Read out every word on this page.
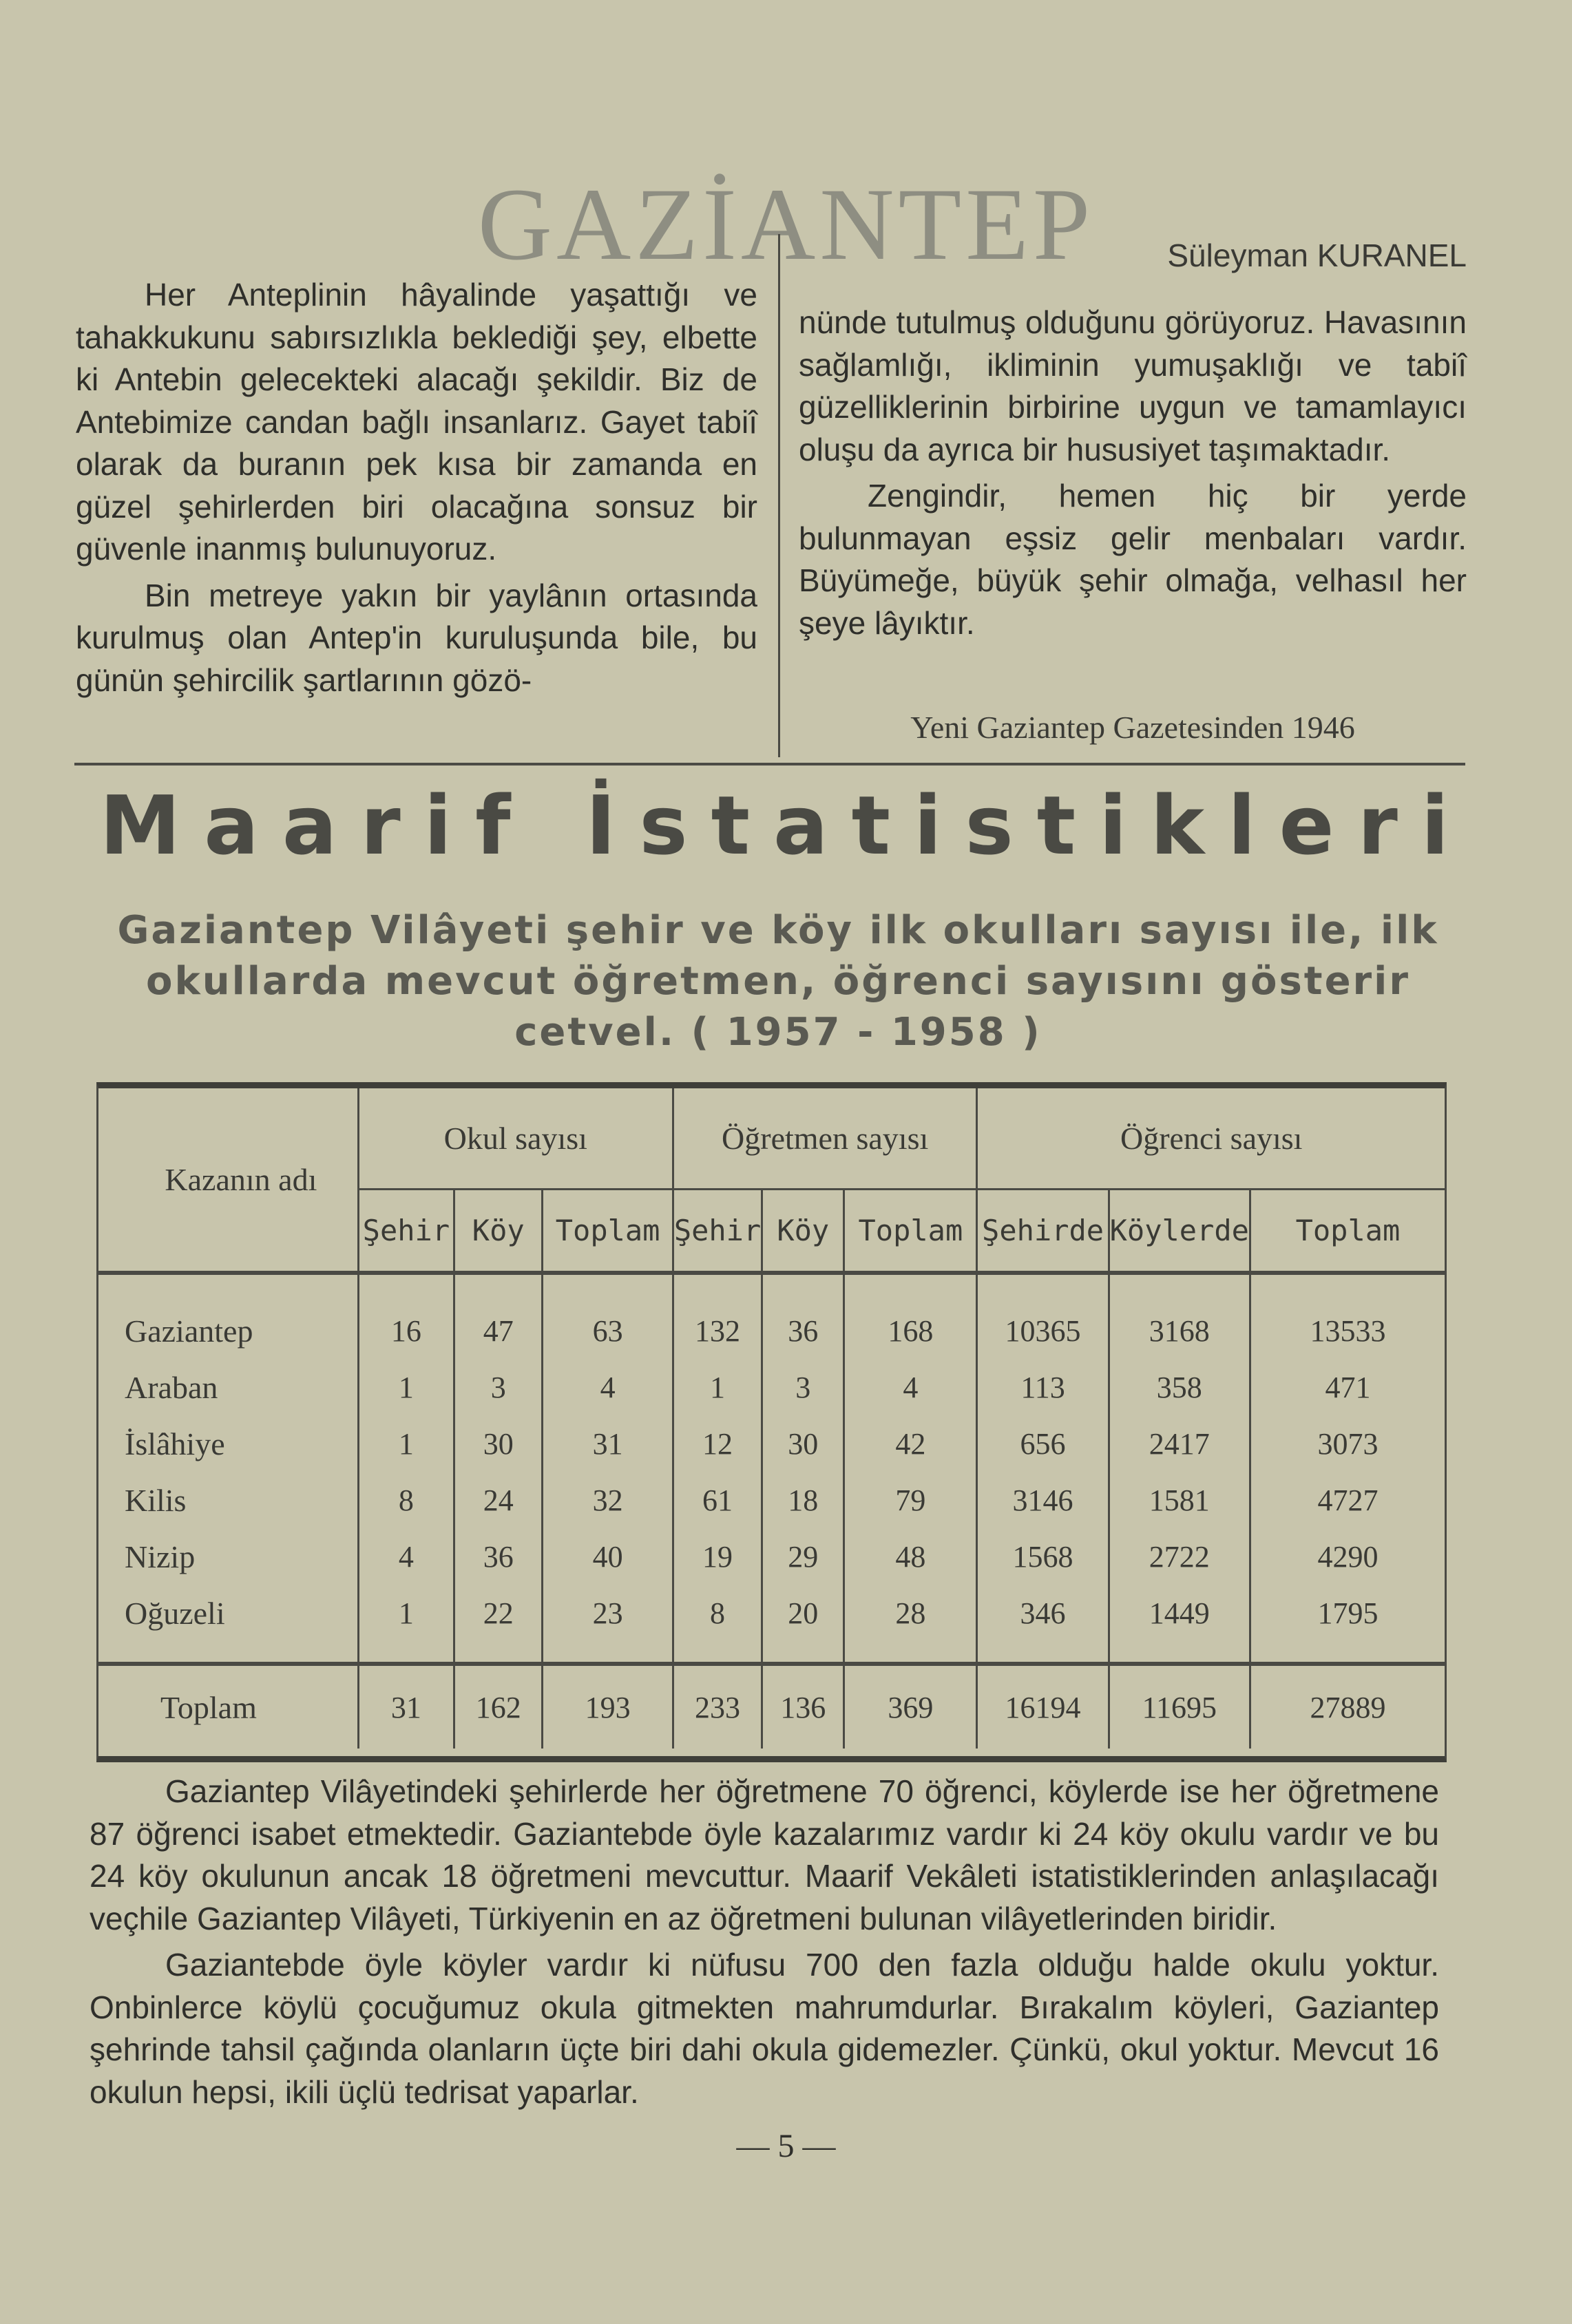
GAZİANTEP	Süleyman KURANEL

Her Anteplinin hâyalinde yaşattığı ve tahakkukunu sabırsızlıkla beklediği şey, elbette ki Antebin gelecekteki alacağı şekildir. Biz de Antebimize candan bağlı insanlarız. Gayet tabiî olarak da buranın pek kısa bir zamanda en güzel şehirlerden biri olacağına sonsuz bir güvenle inanmış bulunuyoruz.

Bin metreye yakın bir yaylânın ortasında kurulmuş olan Antep'in kuruluşunda bile, bu günün şehircilik şartlarının gözö-

nünde tutulmuş olduğunu görüyoruz. Havasının sağlamlığı, ikliminin yumuşaklığı ve tabiî güzelliklerinin birbirine uygun ve tamamlayıcı oluşu da ayrıca bir hususiyet taşımaktadır.

Zengindir, hemen hiç bir yerde bulunmayan eşsiz gelir menbaları vardır. Büyümeğe, büyük şehir olmağa, velhasıl her şeye lâyıktır.

Yeni Gaziantep Gazetesinden 1946
Maarif İstatistikleri
Gaziantep Vilâyeti şehir ve köy ilk okulları sayısı ile, ilk okullarda mevcut öğretmen, öğrenci sayısını gösterir cetvel. ( 1957 - 1958 )
Kazanın adı	Okul sayısı			Öğretmen sayısı			Öğrenci sayısı		
	Şehir	Köy	Toplam	Şehir	Köy	Toplam	Şehirde	Köylerde	Toplam

Gaziantep	16	47	63	132	36	168	10365	3168	13533
Araban	1	3	4	1	3	4	113	358	471
İslâhiye	1	30	31	12	30	42	656	2417	3073
Kilis	8	24	32	61	18	79	3146	1581	4727
Nizip	4	36	40	19	29	48	1568	2722	4290
Oğuzeli	1	22	23	8	20	28	346	1449	1795
Toplam	31	162	193	233	136	369	16194	11695	27889

Gaziantep Vilâyetindeki şehirlerde her öğretmene 70 öğrenci, köylerde ise her öğretmene 87 öğrenci isabet etmektedir. Gaziantebde öyle kazalarımız vardır ki 24 köy okulu vardır ve bu 24 köy okulunun ancak 18 öğretmeni mevcuttur. Maarif Vekâleti istatistiklerinden anlaşılacağı veçhile Gaziantep Vilâyeti, Türkiyenin en az öğretmeni bulunan vilâyetlerinden biridir.

Gaziantebde öyle köyler vardır ki nüfusu 700 den fazla olduğu halde okulu yoktur. Onbinlerce köylü çocuğumuz okula gitmekten mahrumdurlar. Bırakalım köyleri, Gaziantep şehrinde tahsil çağında olanların üçte biri dahi okula gidemezler. Çünkü, okul yoktur. Mevcut 16 okulun hepsi, ikili üçlü tedrisat yaparlar.

— 5 —
